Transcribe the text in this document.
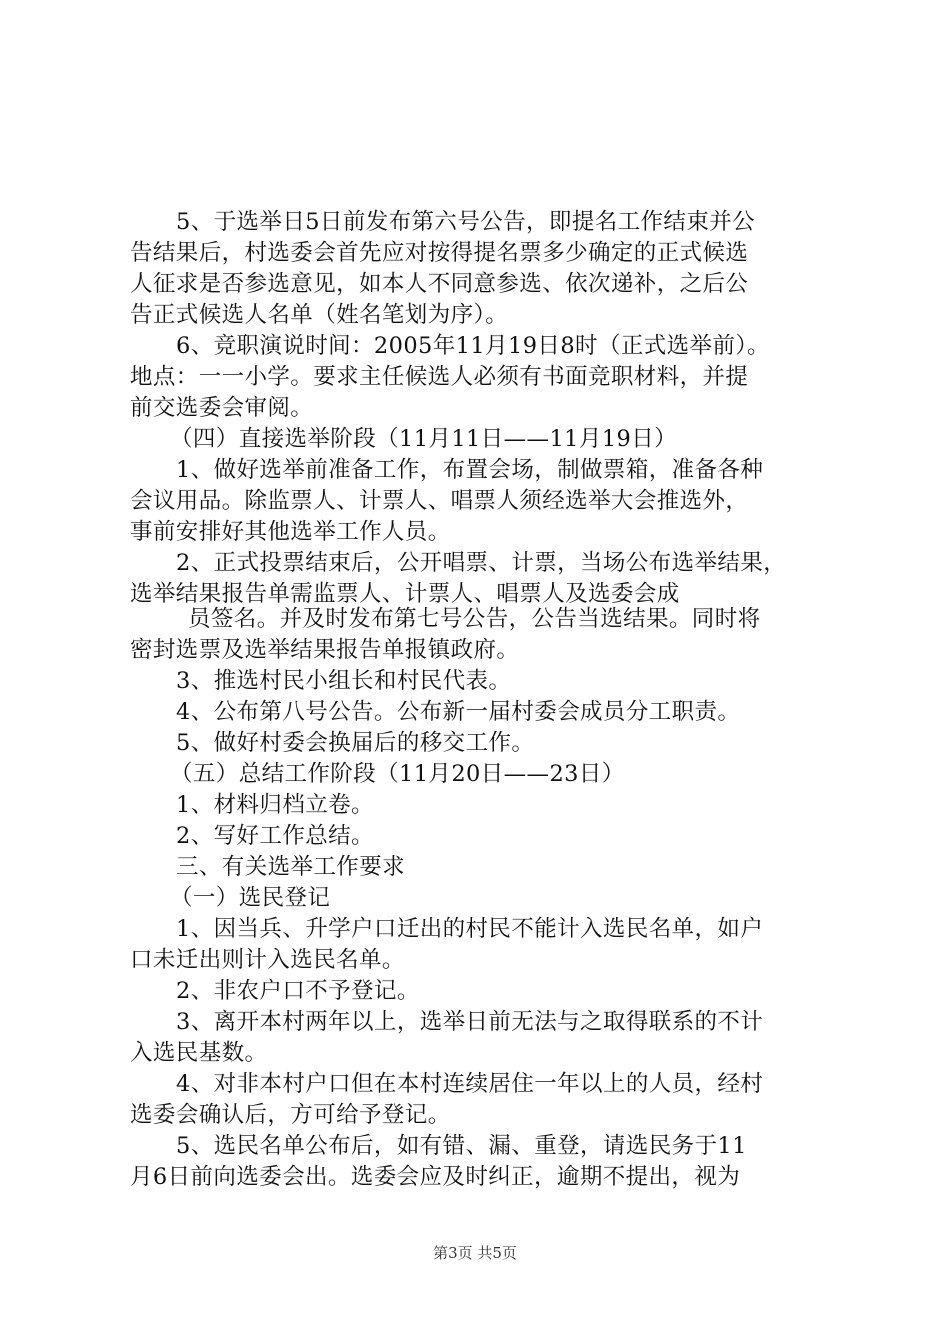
5、于选举日5日前发布第六号公告，即提名工作结束并公
告结果后，村选委会首先应对按得提名票多少确定的正式候选
人征求是否参选意见，如本人不同意参选、依次递补，之后公
告正式候选人名单（姓名笔划为序）。
6、竞职演说时间：2005年11月19日8时（正式选举前）。
地点：一一小学。要求主任候选人必须有书面竞职材料，并提
前交选委会审阅。
（四）直接选举阶段（11月11日——11月19日）
1、做好选举前准备工作，布置会场，制做票箱，准备各种
会议用品。除监票人、计票人、唱票人须经选举大会推选外，
事前安排好其他选举工作人员。
2、正式投票结束后，公开唱票、计票，当场公布选举结果，
选举结果报告单需监票人、计票人、唱票人及选委会成
员签名。并及时发布第七号公告，公告当选结果。同时将
密封选票及选举结果报告单报镇政府。
3、推选村民小组长和村民代表。
4、公布第八号公告。公布新一届村委会成员分工职责。
5、做好村委会换届后的移交工作。
（五）总结工作阶段（11月20日——23日）
1、材料归档立卷。
2、写好工作总结。
三、有关选举工作要求
（一）选民登记
1、因当兵、升学户口迁出的村民不能计入选民名单，如户
口未迁出则计入选民名单。
2、非农户口不予登记。
3、离开本村两年以上，选举日前无法与之取得联系的不计
入选民基数。
4、对非本村户口但在本村连续居住一年以上的人员，经村
选委会确认后，方可给予登记。
5、选民名单公布后，如有错、漏、重登，请选民务于11
月6日前向选委会出。选委会应及时纠正，逾期不提出，视为
第3页 共5页
